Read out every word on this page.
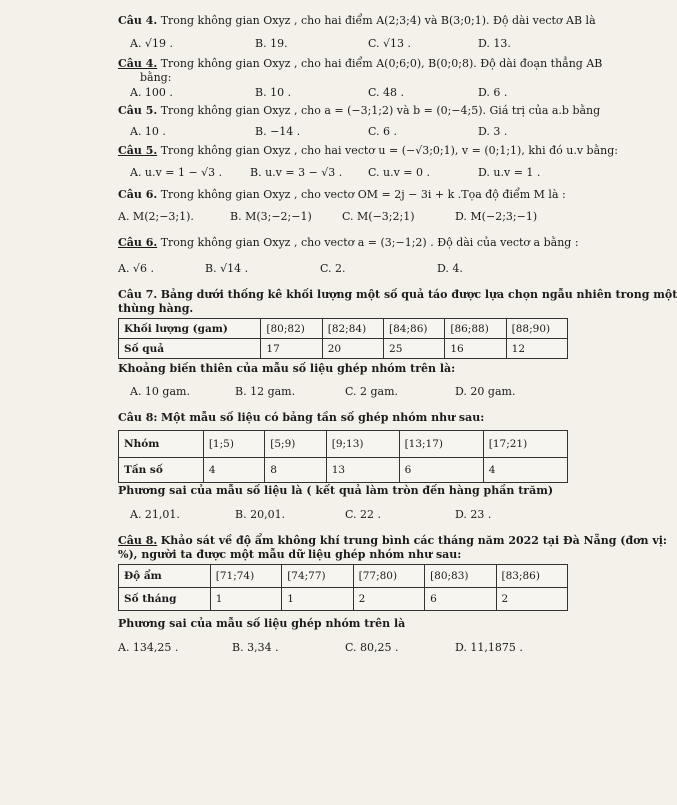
Câu 4. Trong không gian Oxyz , cho hai điểm A(2;3;4) và B(3;0;1). Độ dài vectơ AB là
A. √19 .	B. 19.	C. √13 .	D. 13.
Câu 4. Trong không gian Oxyz , cho hai điểm A(0;6;0), B(0;0;8). Độ dài đoạn thẳng AB
bằng:
A. 100 .	B. 10 .	C. 48 .	D. 6 .
Câu 5. Trong không gian Oxyz , cho a = (−3;1;2) và b = (0;−4;5). Giá trị của a.b bằng
A. 10 .	B. −14 .	C. 6 .	D. 3 .
Câu 5. Trong không gian Oxyz , cho hai vectơ u = (−√3;0;1), v = (0;1;1), khi đó u.v bằng:
A. u.v = 1 − √3 .	B. u.v = 3 − √3 . C. u.v = 0 .	D. u.v = 1 .
Câu 6. Trong không gian Oxyz , cho vectơ OM = 2j − 3i + k .Tọa độ điểm M là :
A. M(2;−3;1).	B. M(3;−2;−1)	C. M(−3;2;1)	D. M(−2;3;−1)
Câu 6. Trong không gian Oxyz , cho vectơ a = (3;−1;2) . Độ dài của vectơ a bằng :
A. √6 .	B. √14 .	C. 2.	D. 4.
Câu 7. Bảng dưới thống kê khối lượng một số quả táo được lựa chọn ngẫu nhiên trong một
thùng hàng.
Khối lượng (gam)	[80;82)	[82;84)	[84;86)	[86;88)	[88;90)
Số quả	17	20	25	16	12
Khoảng biến thiên của mẫu số liệu ghép nhóm trên là:
A. 10 gam.	B. 12 gam.	C. 2 gam.	D. 20 gam.
Câu 8: Một mẫu số liệu có bảng tần số ghép nhóm như sau:
Nhóm	[1;5)	[5;9)	[9;13)	[13;17)	[17;21)
Tần số	4	8	13	6	4
Phương sai của mẫu số liệu là ( kết quả làm tròn đến hàng phần trăm)
A. 21,01.	B. 20,01.	C. 22 .	D. 23 .
Câu 8. Khảo sát về độ ẩm không khí trung bình các tháng năm 2022 tại Đà Nẵng (đơn vị:
%), người ta được một mẫu dữ liệu ghép nhóm như sau:
Độ ẩm	[71;74)	[74;77)	[77;80)	[80;83)	[83;86)
Số tháng	1	1	2	6	2
Phương sai của mẫu số liệu ghép nhóm trên là
A. 134,25 .	B. 3,34 .	C. 80,25 .	D. 11,1875 .
